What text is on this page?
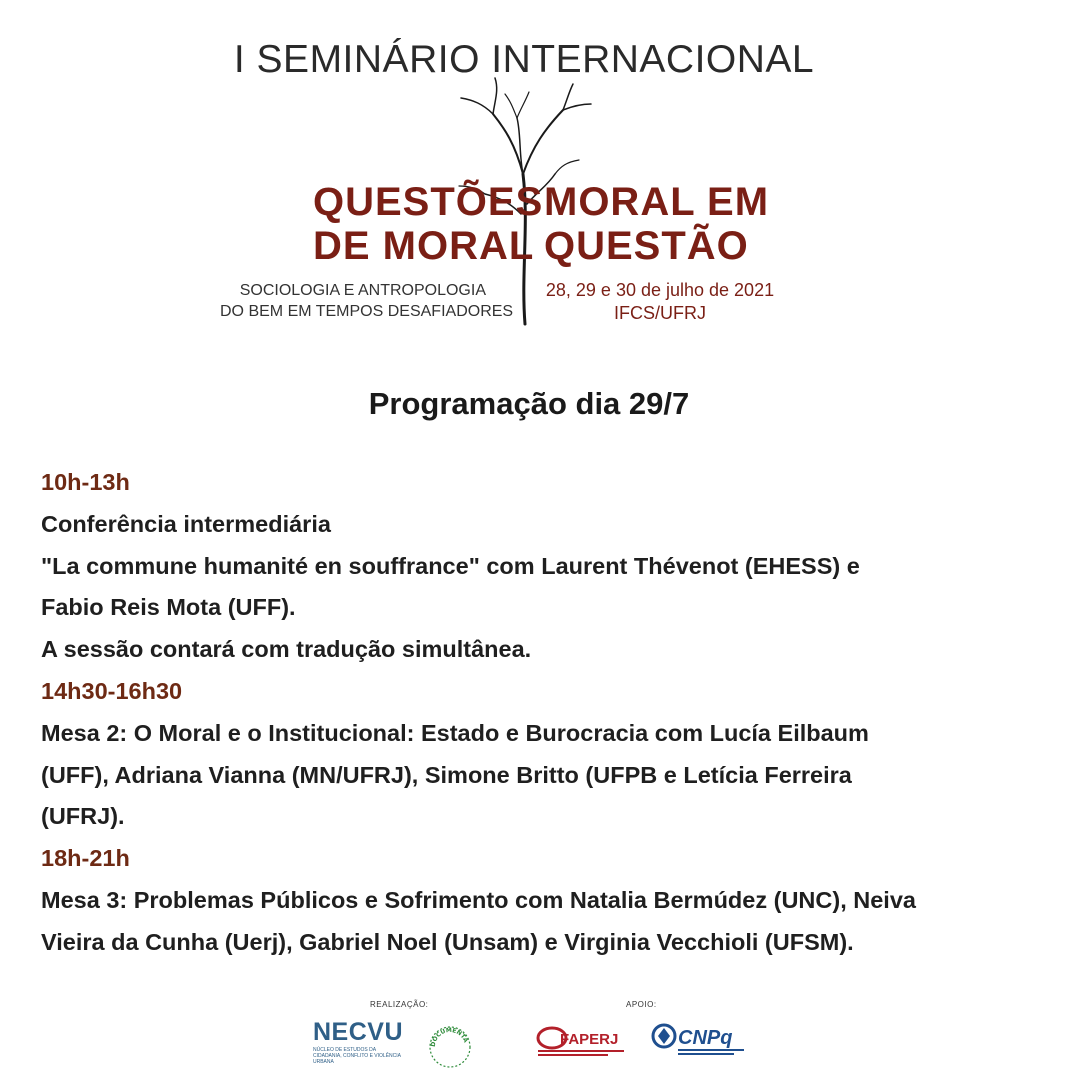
I SEMINÁRIO INTERNACIONAL
QUESTÕES
DE MORAL
MORAL EM
QUESTÃO
SOCIOLOGIA E ANTROPOLOGIA
DO BEM EM TEMPOS DESAFIADORES
28, 29 e 30 de julho de 2021
IFCS/UFRJ
Programação dia 29/7
10h-13h
Conferência intermediária
"La commune humanité en souffrance" com Laurent Thévenot (EHESS) e
Fabio Reis Mota (UFF).
A sessão contará com tradução simultânea.
14h30-16h30
Mesa 2: O Moral e o Institucional: Estado e Burocracia com Lucía Eilbaum
(UFF), Adriana Vianna (MN/UFRJ), Simone Britto (UFPB e Letícia Ferreira
(UFRJ).
18h-21h
Mesa 3: Problemas Públicos e Sofrimento com Natalia Bermúdez (UNC), Neiva
Vieira da Cunha (Uerj), Gabriel Noel (Unsam) e Virginia Vecchioli (UFSM).
REALIZAÇÃO:	APOIO:
NECVU
NÚCLEO DE ESTUDOS DA CIDADANIA, CONFLITO E VIOLÊNCIA URBANA
DOCUMENTA	FAPERJ	CNPq
